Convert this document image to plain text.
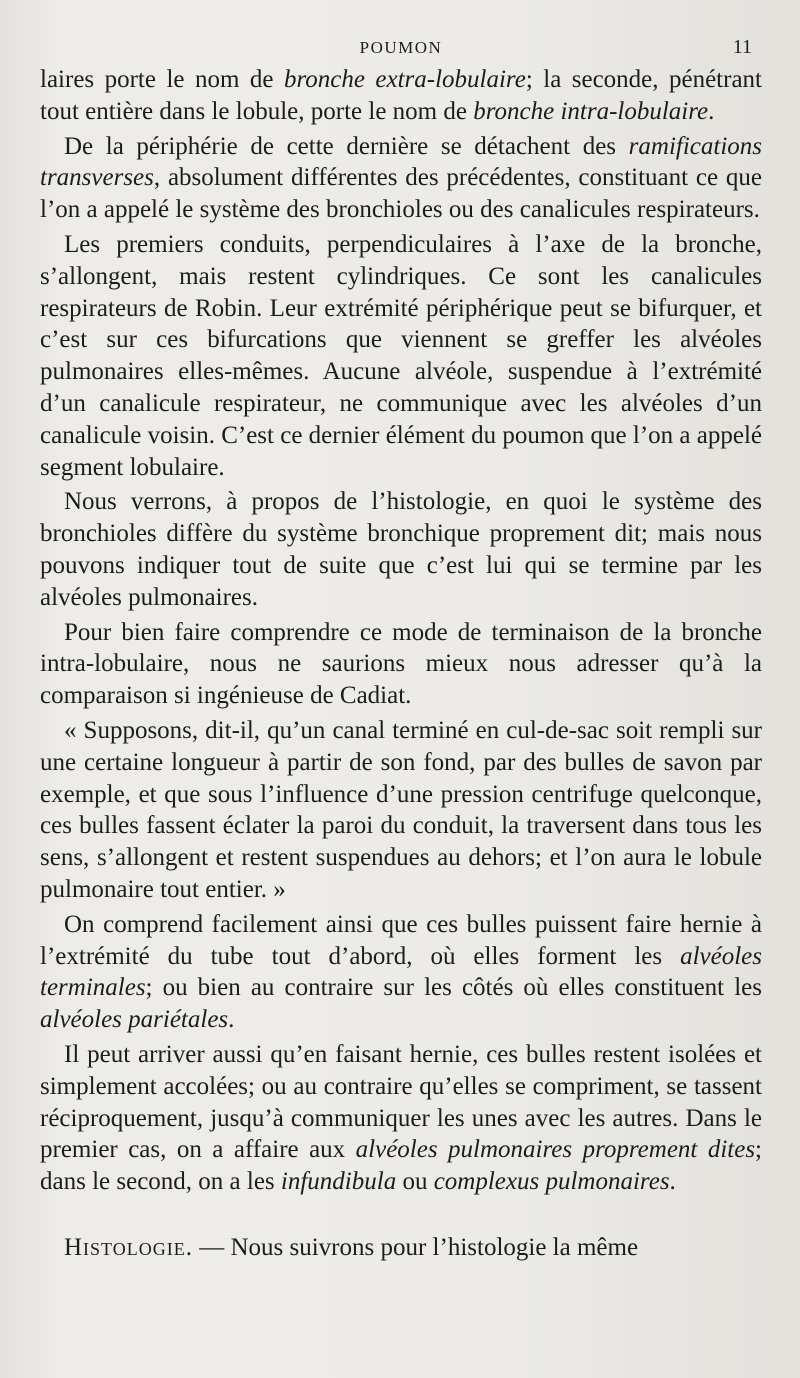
POUMON	11

laires porte le nom de bronche extra-lobulaire; la seconde, pénétrant tout entière dans le lobule, porte le nom de bronche intra-lobulaire.

De la périphérie de cette dernière se détachent des ramifications transverses, absolument différentes des précédentes, constituant ce que l’on a appelé le système des bronchioles ou des canalicules respirateurs.

Les premiers conduits, perpendiculaires à l’axe de la bronche, s’allongent, mais restent cylindriques. Ce sont les canalicules respirateurs de Robin. Leur extrémité périphérique peut se bifurquer, et c’est sur ces bifurcations que viennent se greffer les alvéoles pulmonaires elles-mêmes. Aucune alvéole, suspendue à l’extrémité d’un canalicule respirateur, ne communique avec les alvéoles d’un canalicule voisin. C’est ce dernier élément du poumon que l’on a appelé segment lobulaire.

Nous verrons, à propos de l’histologie, en quoi le système des bronchioles diffère du système bronchique proprement dit; mais nous pouvons indiquer tout de suite que c’est lui qui se termine par les alvéoles pulmonaires.

Pour bien faire comprendre ce mode de terminaison de la bronche intra-lobulaire, nous ne saurions mieux nous adresser qu’à la comparaison si ingénieuse de Cadiat.

« Supposons, dit-il, qu’un canal terminé en cul-de-sac soit rempli sur une certaine longueur à partir de son fond, par des bulles de savon par exemple, et que sous l’influence d’une pression centrifuge quelconque, ces bulles fassent éclater la paroi du conduit, la traversent dans tous les sens, s’allongent et restent suspendues au dehors; et l’on aura le lobule pulmonaire tout entier. »

On comprend facilement ainsi que ces bulles puissent faire hernie à l’extrémité du tube tout d’abord, où elles forment les alvéoles terminales; ou bien au contraire sur les côtés où elles constituent les alvéoles pariétales.

Il peut arriver aussi qu’en faisant hernie, ces bulles restent isolées et simplement accolées; ou au contraire qu’elles se compriment, se tassent réciproquement, jusqu’à communiquer les unes avec les autres. Dans le premier cas, on a affaire aux alvéoles pulmonaires proprement dites; dans le second, on a les infundibula ou complexus pulmonaires.

Histologie. — Nous suivrons pour l’histologie la même
